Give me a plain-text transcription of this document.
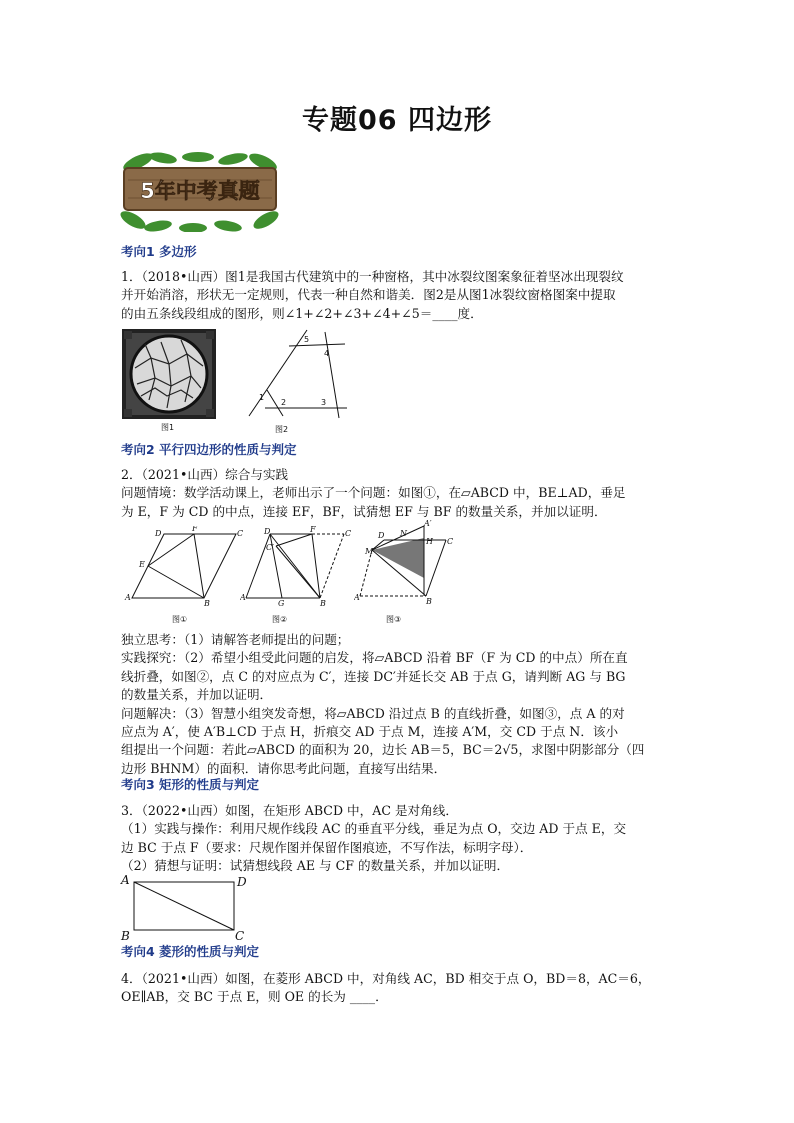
专题06 四边形
5年中考真题
考向1 多边形
1．（2018•山西）图1是我国古代建筑中的一种窗格，其中冰裂纹图案象征着坚冰出现裂纹
并开始消溶，形状无一定规则，代表一种自然和谐美．图2是从图1冰裂纹窗格图案中提取
的由五条线段组成的图形，则∠1+∠2+∠3+∠4+∠5＝____度．
图1
1
2	3
4
5
图2
考向2 平行四边形的性质与判定
2．（2021•山西）综合与实践
问题情境：数学活动课上，老师出示了一个问题：如图①，在▱ABCD 中，BE⊥AD，垂足
为 E，F 为 CD 的中点，连接 EF，BF，试猜想 EF 与 BF 的数量关系，并加以证明．
A
B
C
D
E
F
图①
A
B
C
D	F
G
C′
图②
A	B
C
D
M
N
H
A′
图③
独立思考：（1）请解答老师提出的问题；
实践探究：（2）希望小组受此问题的启发，将▱ABCD 沿着 BF（F 为 CD 的中点）所在直
线折叠，如图②，点 C 的对应点为 C′，连接 DC′并延长交 AB 于点 G，请判断 AG 与 BG
的数量关系，并加以证明．
问题解决：（3）智慧小组突发奇想，将▱ABCD 沿过点 B 的直线折叠，如图③，点 A 的对
应点为 A′，使 A′B⊥CD 于点 H，折痕交 AD 于点 M，连接 A′M，交 CD 于点 N．该小
组提出一个问题：若此▱ABCD 的面积为 20，边长 AB＝5，BC＝2√5，求图中阴影部分（四
边形 BHNM）的面积．请你思考此问题，直接写出结果．
考向3 矩形的性质与判定
3．（2022•山西）如图，在矩形 ABCD 中，AC 是对角线．
（1）实践与操作：利用尺规作线段 AC 的垂直平分线，垂足为点 O，交边 AD 于点 E，交
边 BC 于点 F（要求：尺规作图并保留作图痕迹，不写作法，标明字母）．
（2）猜想与证明：试猜想线段 AE 与 CF 的数量关系，并加以证明．
A	D
B	C
考向4 菱形的性质与判定
4．（2021•山西）如图，在菱形 ABCD 中，对角线 AC，BD 相交于点 O，BD＝8，AC＝6，
OE∥AB，交 BC 于点 E，则 OE 的长为 ____．
